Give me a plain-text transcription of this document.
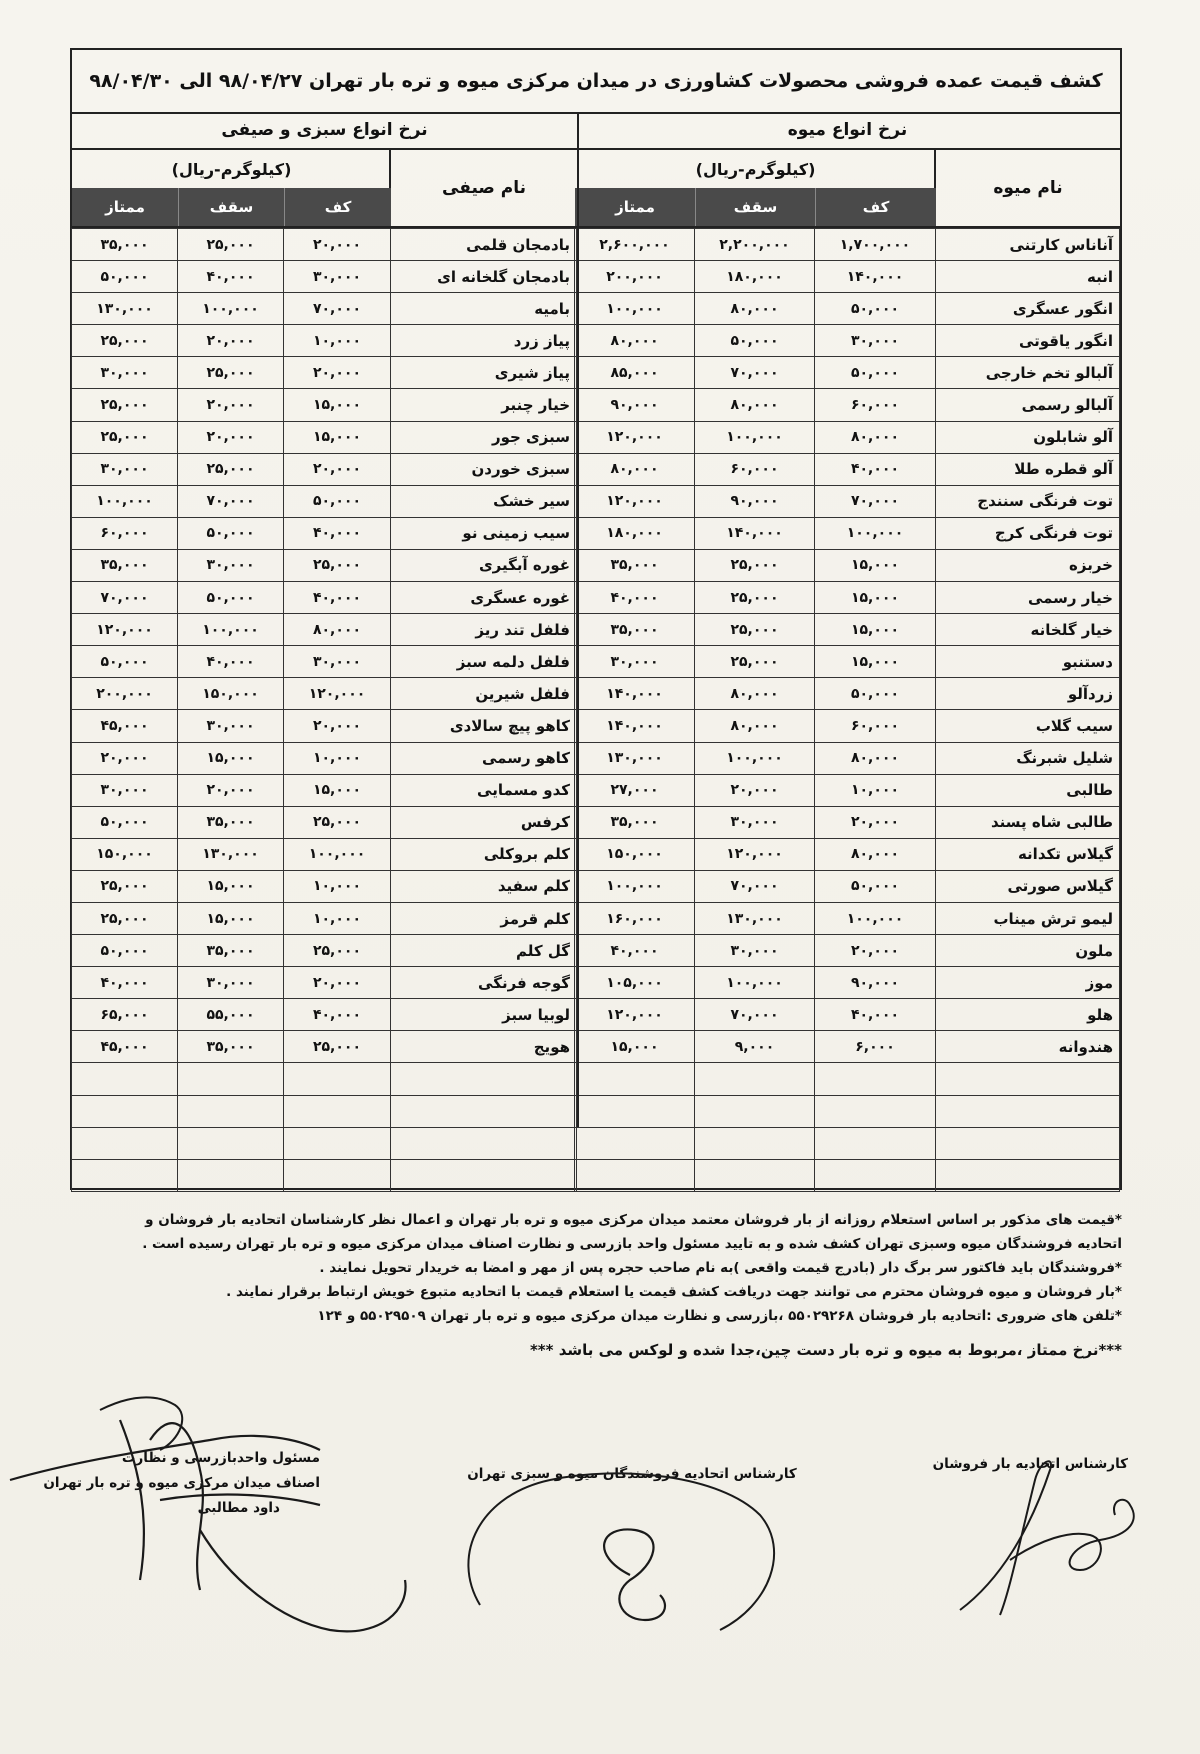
کشف قیمت عمده فروشی محصولات کشاورزی در میدان مرکزی میوه و تره بار تهران ۹۸/۰۴/۲۷ الی ۹۸/۰۴/۳۰
نرخ انواع میوه
نام میوه
(کیلوگرم-ریال)
کف
سقف
ممتاز
آناناس کارتنی	۱,۷۰۰,۰۰۰	۲,۲۰۰,۰۰۰	۲,۶۰۰,۰۰۰
انبه	۱۴۰,۰۰۰	۱۸۰,۰۰۰	۲۰۰,۰۰۰
انگور عسگری	۵۰,۰۰۰	۸۰,۰۰۰	۱۰۰,۰۰۰
انگور یاقوتی	۳۰,۰۰۰	۵۰,۰۰۰	۸۰,۰۰۰
آلبالو تخم خارجی	۵۰,۰۰۰	۷۰,۰۰۰	۸۵,۰۰۰
آلبالو رسمی	۶۰,۰۰۰	۸۰,۰۰۰	۹۰,۰۰۰
آلو شابلون	۸۰,۰۰۰	۱۰۰,۰۰۰	۱۲۰,۰۰۰
آلو قطره طلا	۴۰,۰۰۰	۶۰,۰۰۰	۸۰,۰۰۰
توت فرنگی سنندج	۷۰,۰۰۰	۹۰,۰۰۰	۱۲۰,۰۰۰
توت فرنگی کرج	۱۰۰,۰۰۰	۱۴۰,۰۰۰	۱۸۰,۰۰۰
خربزه	۱۵,۰۰۰	۲۵,۰۰۰	۳۵,۰۰۰
خیار رسمی	۱۵,۰۰۰	۲۵,۰۰۰	۴۰,۰۰۰
خیار گلخانه	۱۵,۰۰۰	۲۵,۰۰۰	۳۵,۰۰۰
دستنبو	۱۵,۰۰۰	۲۵,۰۰۰	۳۰,۰۰۰
زردآلو	۵۰,۰۰۰	۸۰,۰۰۰	۱۴۰,۰۰۰
سیب گلاب	۶۰,۰۰۰	۸۰,۰۰۰	۱۴۰,۰۰۰
شلیل شبرنگ	۸۰,۰۰۰	۱۰۰,۰۰۰	۱۳۰,۰۰۰
طالبی	۱۰,۰۰۰	۲۰,۰۰۰	۲۷,۰۰۰
طالبی شاه پسند	۲۰,۰۰۰	۳۰,۰۰۰	۳۵,۰۰۰
گیلاس تکدانه	۸۰,۰۰۰	۱۲۰,۰۰۰	۱۵۰,۰۰۰
گیلاس صورتی	۵۰,۰۰۰	۷۰,۰۰۰	۱۰۰,۰۰۰
لیمو ترش میناب	۱۰۰,۰۰۰	۱۳۰,۰۰۰	۱۶۰,۰۰۰
ملون	۲۰,۰۰۰	۳۰,۰۰۰	۴۰,۰۰۰
موز	۹۰,۰۰۰	۱۰۰,۰۰۰	۱۰۵,۰۰۰
هلو	۴۰,۰۰۰	۷۰,۰۰۰	۱۲۰,۰۰۰
هندوانه	۶,۰۰۰	۹,۰۰۰	۱۵,۰۰۰

نرخ انواع سبزی و صیفی
نام صیفی
(کیلوگرم-ریال)
کف
سقف
ممتاز
بادمجان قلمی	۲۰,۰۰۰	۲۵,۰۰۰	۳۵,۰۰۰
بادمجان گلخانه ای	۳۰,۰۰۰	۴۰,۰۰۰	۵۰,۰۰۰
بامیه	۷۰,۰۰۰	۱۰۰,۰۰۰	۱۳۰,۰۰۰
پیاز زرد	۱۰,۰۰۰	۲۰,۰۰۰	۲۵,۰۰۰
پیاز شیری	۲۰,۰۰۰	۲۵,۰۰۰	۳۰,۰۰۰
خیار چنبر	۱۵,۰۰۰	۲۰,۰۰۰	۲۵,۰۰۰
سبزی جور	۱۵,۰۰۰	۲۰,۰۰۰	۲۵,۰۰۰
سبزی خوردن	۲۰,۰۰۰	۲۵,۰۰۰	۳۰,۰۰۰
سیر خشک	۵۰,۰۰۰	۷۰,۰۰۰	۱۰۰,۰۰۰
سیب زمینی نو	۴۰,۰۰۰	۵۰,۰۰۰	۶۰,۰۰۰
غوره آبگیری	۲۵,۰۰۰	۳۰,۰۰۰	۳۵,۰۰۰
غوره عسگری	۴۰,۰۰۰	۵۰,۰۰۰	۷۰,۰۰۰
فلفل تند ریز	۸۰,۰۰۰	۱۰۰,۰۰۰	۱۲۰,۰۰۰
فلفل دلمه سبز	۳۰,۰۰۰	۴۰,۰۰۰	۵۰,۰۰۰
فلفل شیرین	۱۲۰,۰۰۰	۱۵۰,۰۰۰	۲۰۰,۰۰۰
کاهو پیچ سالادی	۲۰,۰۰۰	۳۰,۰۰۰	۴۵,۰۰۰
کاهو رسمی	۱۰,۰۰۰	۱۵,۰۰۰	۲۰,۰۰۰
کدو مسمایی	۱۵,۰۰۰	۲۰,۰۰۰	۳۰,۰۰۰
کرفس	۲۵,۰۰۰	۳۵,۰۰۰	۵۰,۰۰۰
کلم بروکلی	۱۰۰,۰۰۰	۱۳۰,۰۰۰	۱۵۰,۰۰۰
کلم سفید	۱۰,۰۰۰	۱۵,۰۰۰	۲۵,۰۰۰
کلم قرمز	۱۰,۰۰۰	۱۵,۰۰۰	۲۵,۰۰۰
گل کلم	۲۵,۰۰۰	۳۵,۰۰۰	۵۰,۰۰۰
گوجه فرنگی	۲۰,۰۰۰	۳۰,۰۰۰	۴۰,۰۰۰
لوبیا سبز	۴۰,۰۰۰	۵۵,۰۰۰	۶۵,۰۰۰
هویج	۲۵,۰۰۰	۳۵,۰۰۰	۴۵,۰۰۰

*قیمت های مذکور بر اساس استعلام روزانه از بار فروشان معتمد میدان مرکزی میوه و تره بار تهران و اعمال نظر کارشناسان اتحادیه بار فروشان و

اتحادیه فروشندگان میوه وسبزی تهران کشف شده و به تایید مسئول واحد بازرسی و نظارت اصناف میدان مرکزی میوه و تره بار تهران رسیده است .

*فروشندگان باید فاکتور سر برگ دار (بادرج قیمت واقعی )به نام صاحب حجره پس از مهر و امضا به خریدار تحویل نمایند .

*بار فروشان و میوه فروشان محترم می توانند جهت دریافت کشف قیمت یا استعلام قیمت با اتحادیه متبوع خویش ارتباط برقرار نمایند .

*تلفن های ضروری :اتحادیه بار فروشان ۵۵۰۲۹۲۶۸ ،بازرسی و نظارت میدان مرکزی میوه و تره بار تهران ۵۵۰۲۹۵۰۹ و ۱۲۴

***نرخ ممتاز ،مربوط به میوه و تره بار دست چین،جدا شده و لوکس می باشد ***

مسئول واحدبازرسی و نظارت
اصناف میدان مرکزی میوه و تره بار تهران
داود مطالبی
کارشناس اتحادیه فروشندگان میوه و سبزی تهران
کارشناس اتحادیه بار فروشان
